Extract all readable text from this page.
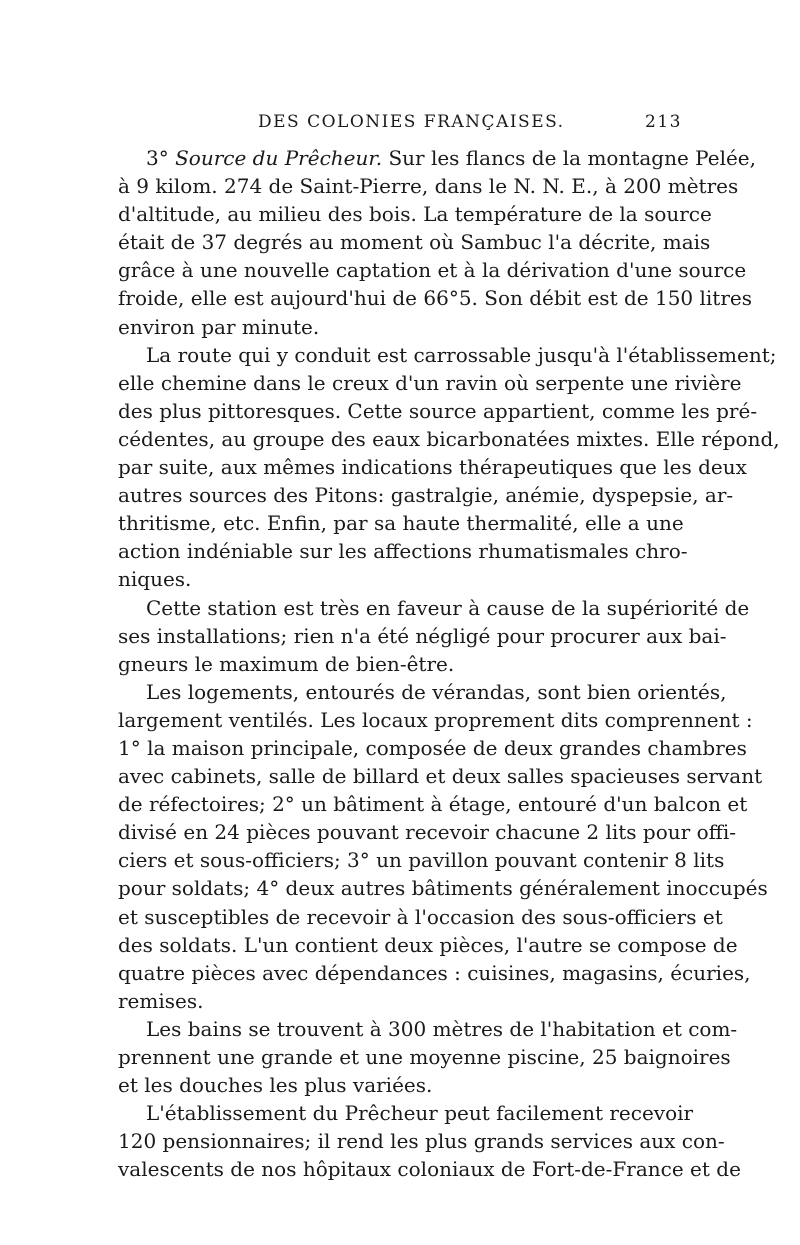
DES COLONIES FRANÇAISES.	213
3° Source du Prêcheur. Sur les flancs de la montagne Pelée,
à 9 kilom. 274 de Saint-Pierre, dans le N. N. E., à 200 mètres
d'altitude, au milieu des bois. La température de la source
était de 37 degrés au moment où Sambuc l'a décrite, mais
grâce à une nouvelle captation et à la dérivation d'une source
froide, elle est aujourd'hui de 66°5. Son débit est de 150 litres
environ par minute.
La route qui y conduit est carrossable jusqu'à l'établissement;
elle chemine dans le creux d'un ravin où serpente une rivière
des plus pittoresques. Cette source appartient, comme les pré-
cédentes, au groupe des eaux bicarbonatées mixtes. Elle répond,
par suite, aux mêmes indications thérapeutiques que les deux
autres sources des Pitons: gastralgie, anémie, dyspepsie, ar-
thritisme, etc. Enfin, par sa haute thermalité, elle a une
action indéniable sur les affections rhumatismales chro-
niques.
Cette station est très en faveur à cause de la supériorité de
ses installations; rien n'a été négligé pour procurer aux bai-
gneurs le maximum de bien-être.
Les logements, entourés de vérandas, sont bien orientés,
largement ventilés. Les locaux proprement dits comprennent :
1° la maison principale, composée de deux grandes chambres
avec cabinets, salle de billard et deux salles spacieuses servant
de réfectoires; 2° un bâtiment à étage, entouré d'un balcon et
divisé en 24 pièces pouvant recevoir chacune 2 lits pour offi-
ciers et sous-officiers; 3° un pavillon pouvant contenir 8 lits
pour soldats; 4° deux autres bâtiments généralement inoccupés
et susceptibles de recevoir à l'occasion des sous-officiers et
des soldats. L'un contient deux pièces, l'autre se compose de
quatre pièces avec dépendances : cuisines, magasins, écuries,
remises.
Les bains se trouvent à 300 mètres de l'habitation et com-
prennent une grande et une moyenne piscine, 25 baignoires
et les douches les plus variées.
L'établissement du Prêcheur peut facilement recevoir
120 pensionnaires; il rend les plus grands services aux con-
valescents de nos hôpitaux coloniaux de Fort-de-France et de
